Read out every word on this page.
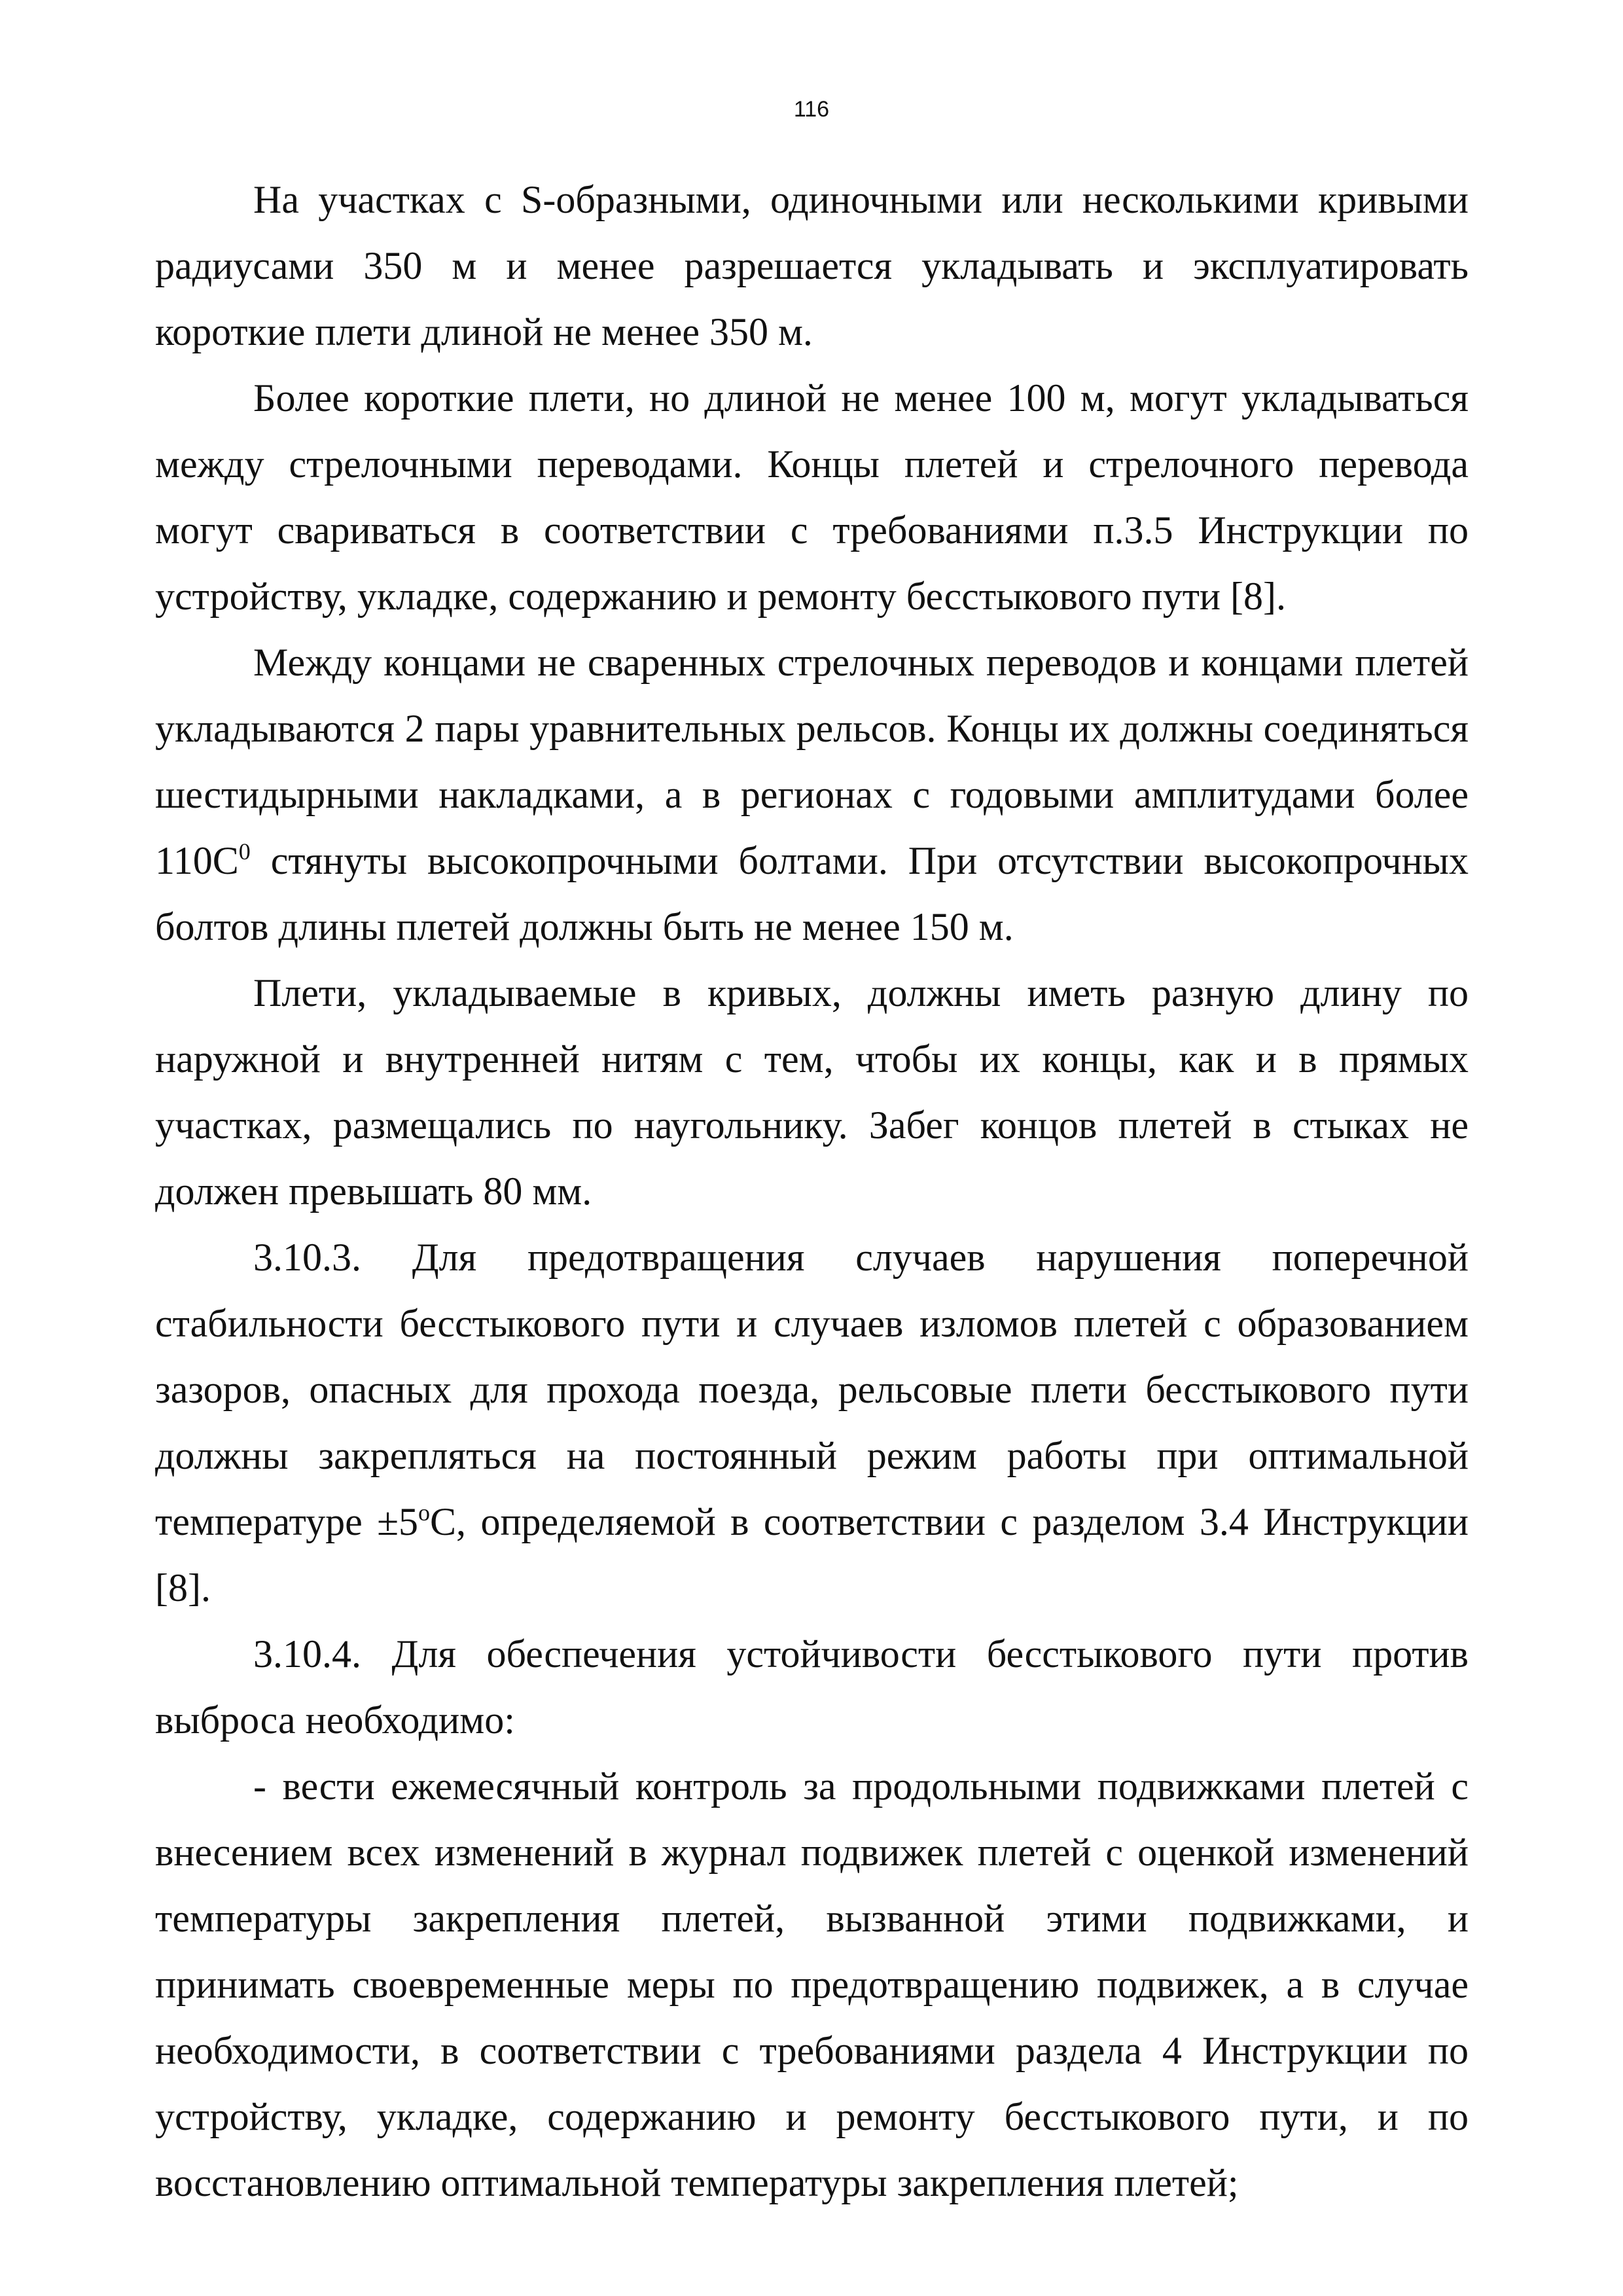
116

На участках с S-образными, одиночными или несколькими кривыми радиусами 350 м и менее разрешается укладывать и эксплуатировать короткие плети длиной не менее 350 м.

Более короткие плети, но длиной не менее 100 м, могут укладываться между стрелочными переводами. Концы плетей и стрелочного перевода могут свариваться в соответствии с требованиями п.3.5 Инструкции по устройству, укладке, содержанию и ремонту бесстыкового пути [8].

Между концами не сваренных стрелочных переводов и концами плетей укладываются 2 пары уравнительных рельсов. Концы их должны соединяться шестидырными накладками, а в регионах с годовыми амплитудами более $110С^0$ стянуты высокопрочными болтами. При отсутствии высокопрочных болтов длины плетей должны быть не менее 150 м.

Плети, укладываемые в кривых, должны иметь разную длину по наружной и внутренней нитям с тем, чтобы их концы, как и в прямых участках, размещались по наугольнику. Забег концов плетей в стыках не должен превышать 80 мм.

3.10.3. Для предотвращения случаев нарушения поперечной стабильности бесстыкового пути и случаев изломов плетей с образованием зазоров, опасных для прохода поезда, рельсовые плети бесстыкового пути должны закрепляться на постоянный режим работы при оптимальной температуре $\pm 5^oС$, определяемой в соответствии с разделом 3.4 Инструкции [8].

3.10.4. Для обеспечения устойчивости бесстыкового пути против выброса необходимо:

- вести ежемесячный контроль за продольными подвижками плетей с внесением всех изменений в журнал подвижек плетей с оценкой изменений температуры закрепления плетей, вызванной этими подвижками, и принимать своевременные меры по предотвращению подвижек, а в случае необходимости, в соответствии с требованиями раздела 4 Инструкции по устройству, укладке, содержанию и ремонту бесстыкового пути, и по восстановлению оптимальной температуры закрепления плетей;
